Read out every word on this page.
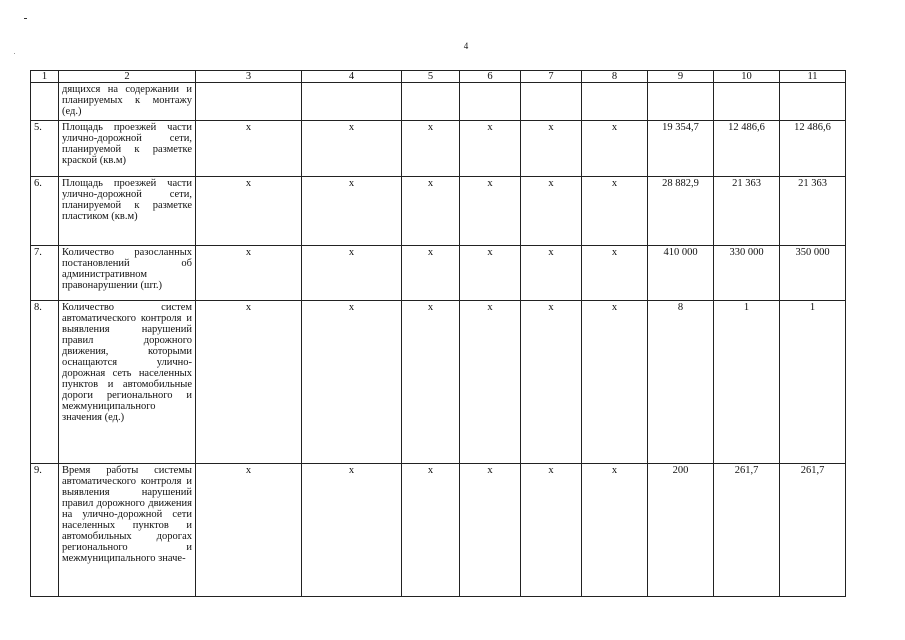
4
1	2	3	4	5	6	7	8	9	10	11
	дящихся на содержании и планируемых к монтажу (ед.)									
5.	Площадь проезжей части улично-дорожной сети, планируемой к разметке краской (кв.м)	х	х	х	х	х	х	19 354,7	12 486,6	12 486,6
6.	Площадь проезжей части улично-дорожной сети, планируемой к разметке пластиком (кв.м)	х	х	х	х	х	х	28 882,9	21 363	21 363
7.	Количество разосланных постановлений об административном правонарушении (шт.)	х	х	х	х	х	х	410 000	330 000	350 000
8.	Количество систем автоматического контроля и выявления нарушений правил дорожного движения, которыми оснащаются улично-дорожная сеть населенных пунктов и автомобильные дороги регионального и межмуниципального значения (ед.)	х	х	х	х	х	х	8	1	1
9.	Время работы системы автоматического контроля и выявления нарушений правил дорожного движения на улично-дорожной сети населенных пунктов и автомобильных дорогах регионального и межмуниципального значе-	х	х	х	х	х	х	200	261,7	261,7
